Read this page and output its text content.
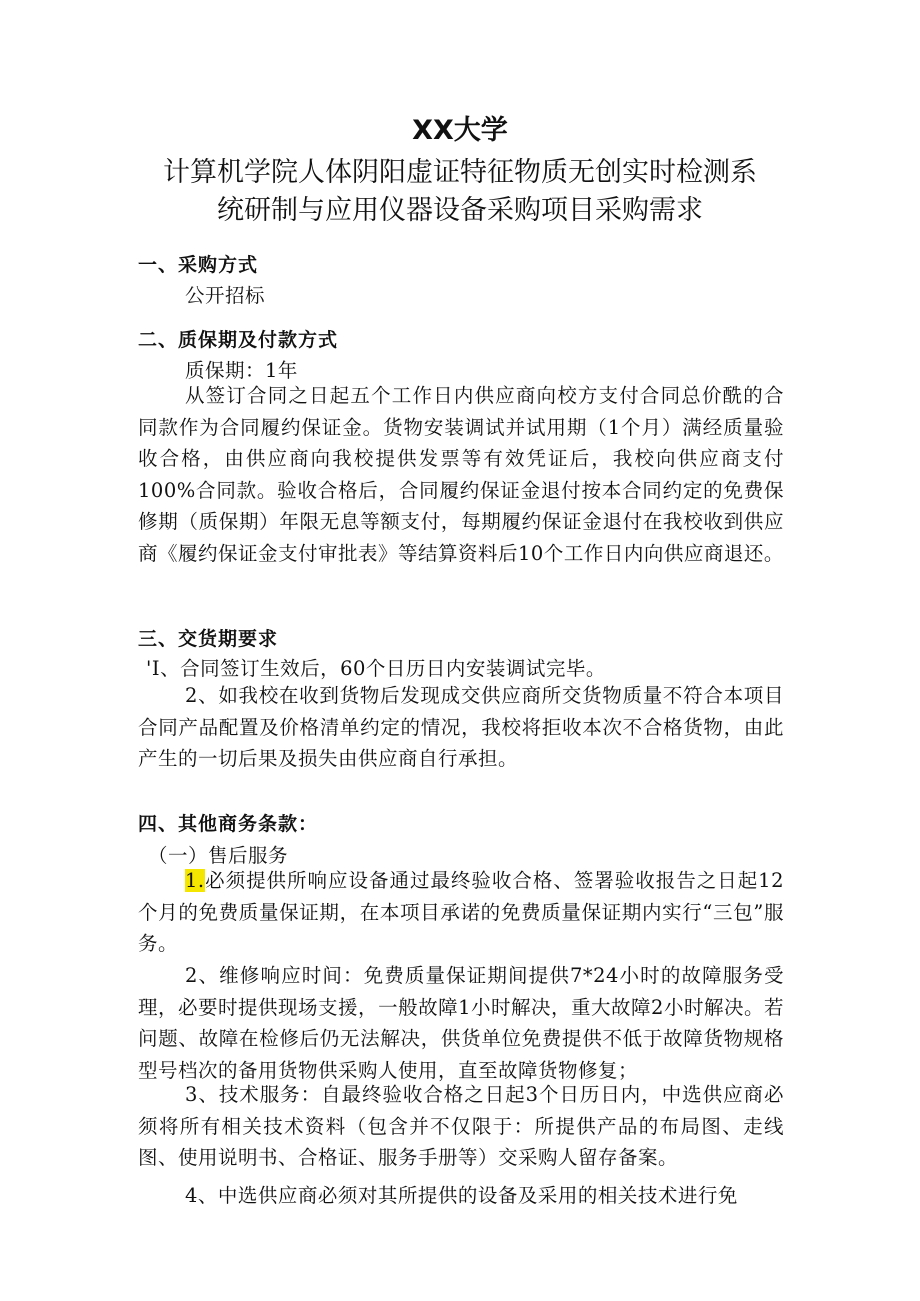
XX大学
计算机学院人体阴阳虚证特征物质无创实时检测系
统研制与应用仪器设备采购项目采购需求
一、采购方式
公开招标
二、质保期及付款方式
质保期：1年
从签订合同之日起五个工作日内供应商向校方支付合同总价酰的合同款作为合同履约保证金。货物安装调试并试用期（1个月）满经质量验收合格，由供应商向我校提供发票等有效凭证后，我校向供应商支付100%合同款。验收合格后，合同履约保证金退付按本合同约定的免费保修期（质保期）年限无息等额支付，每期履约保证金退付在我校收到供应商《履约保证金支付审批表》等结算资料后10个工作日内向供应商退还。
三、交货期要求
'I、合同签订生效后，60个日历日内安装调试完毕。
2、如我校在收到货物后发现成交供应商所交货物质量不符合本项目合同产品配置及价格清单约定的情况，我校将拒收本次不合格货物，由此产生的一切后果及损失由供应商自行承担。
四、其他商务条款：
（一）售后服务
1.必须提供所响应设备通过最终验收合格、签署验收报告之日起12个月的免费质量保证期，在本项目承诺的免费质量保证期内实行“三包”服务。
2、维修响应时间：免费质量保证期间提供7*24小时的故障服务受理，必要时提供现场支援，一般故障1小时解决，重大故障2小时解决。若问题、故障在检修后仍无法解决，供货单位免费提供不低于故障货物规格型号档次的备用货物供采购人使用，直至故障货物修复；
3、技术服务：自最终验收合格之日起3个日历日内，中选供应商必须将所有相关技术资料（包含并不仅限于：所提供产品的布局图、走线图、使用说明书、合格证、服务手册等）交采购人留存备案。
4、中选供应商必须对其所提供的设备及采用的相关技术进行免
